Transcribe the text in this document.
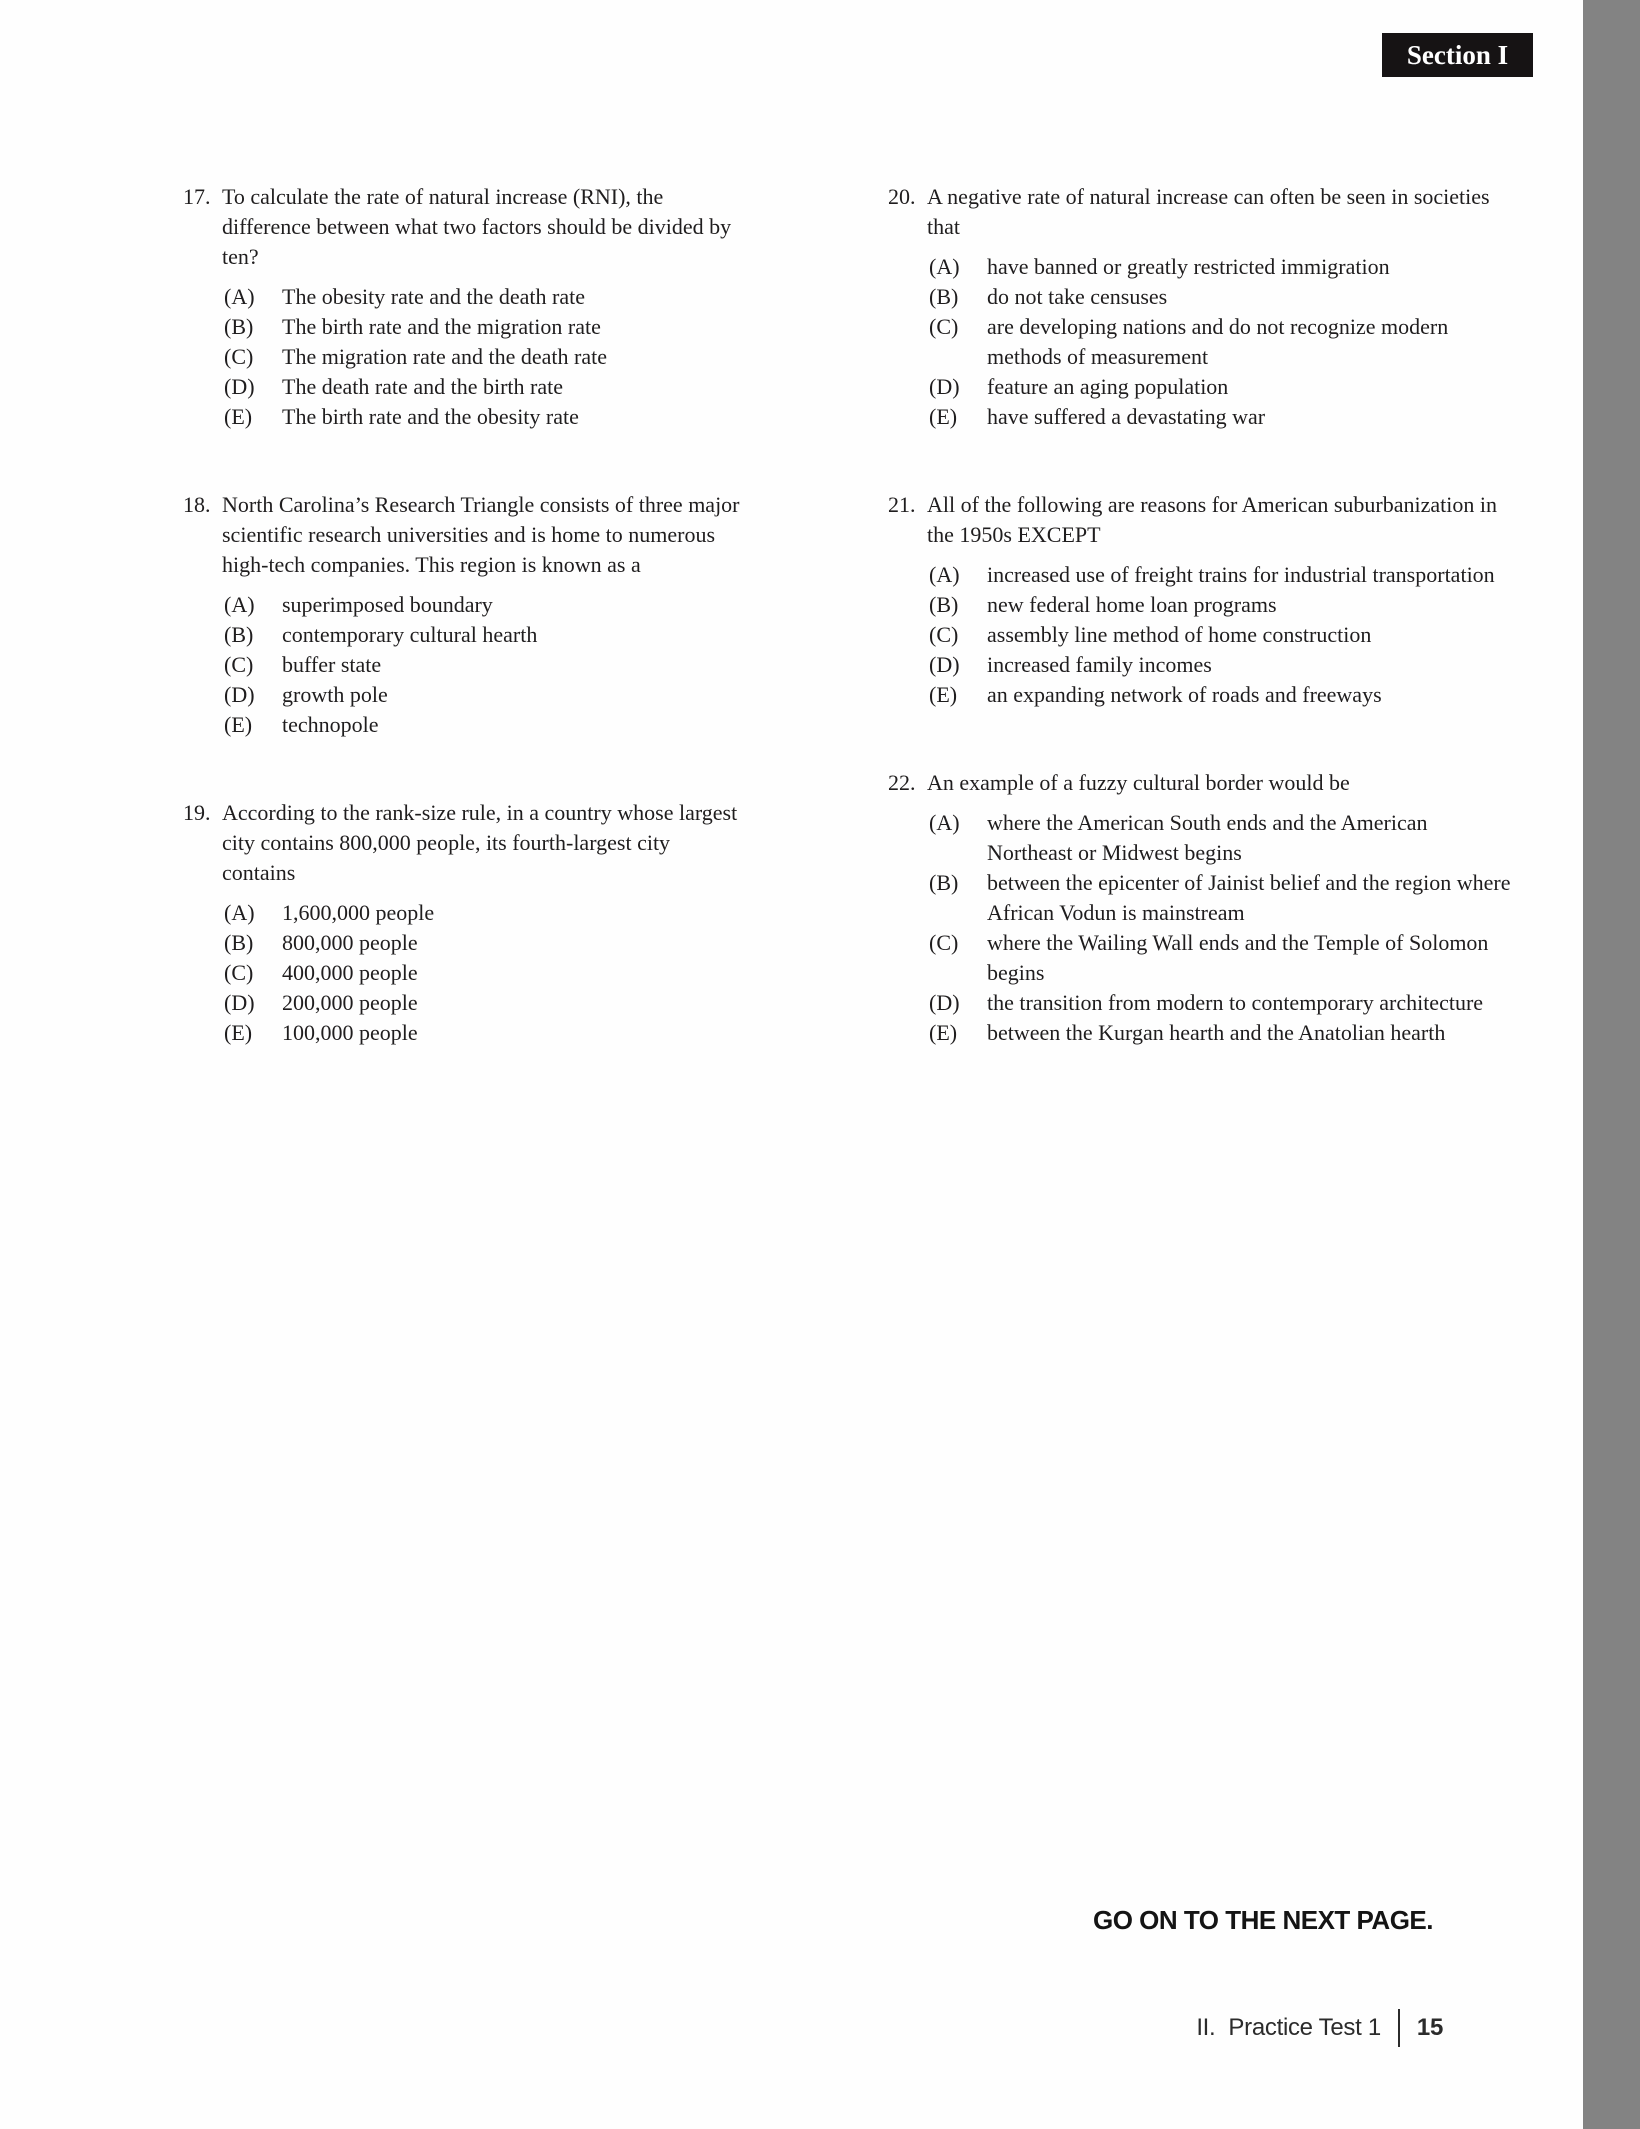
Section I
17. To calculate the rate of natural increase (RNI), the difference between what two factors should be divided by ten?

(A)	The obesity rate and the death rate
(B)	The birth rate and the migration rate
(C)	The migration rate and the death rate
(D)	The death rate and the birth rate
(E)	The birth rate and the obesity rate
18. North Carolina’s Research Triangle consists of three major scientific research universities and is home to numerous high-tech companies. This region is known as a

(A)	superimposed boundary
(B)	contemporary cultural hearth
(C)	buffer state
(D)	growth pole
(E)	technopole
19. According to the rank-size rule, in a country whose largest city contains 800,000 people, its fourth-largest city contains

(A)	1,600,000 people
(B)	800,000 people
(C)	400,000 people
(D)	200,000 people
(E)	100,000 people
20. A negative rate of natural increase can often be seen in societies that

(A)	have banned or greatly restricted immigration
(B)	do not take censuses
(C)	are developing nations and do not recognize modern methods of measurement
(D)	feature an aging population
(E)	have suffered a devastating war
21. All of the following are reasons for American suburbanization in the 1950s EXCEPT

(A)	increased use of freight trains for industrial transportation
(B)	new federal home loan programs
(C)	assembly line method of home construction
(D)	increased family incomes
(E)	an expanding network of roads and freeways
22. An example of a fuzzy cultural border would be

(A)	where the American South ends and the American Northeast or Midwest begins
(B)	between the epicenter of Jainist belief and the region where African Vodun is mainstream
(C)	where the Wailing Wall ends and the Temple of Solomon begins
(D)	the transition from modern to contemporary architecture
(E)	between the Kurgan hearth and the Anatolian hearth
GO ON TO THE NEXT PAGE.
II. Practice Test 1 15
